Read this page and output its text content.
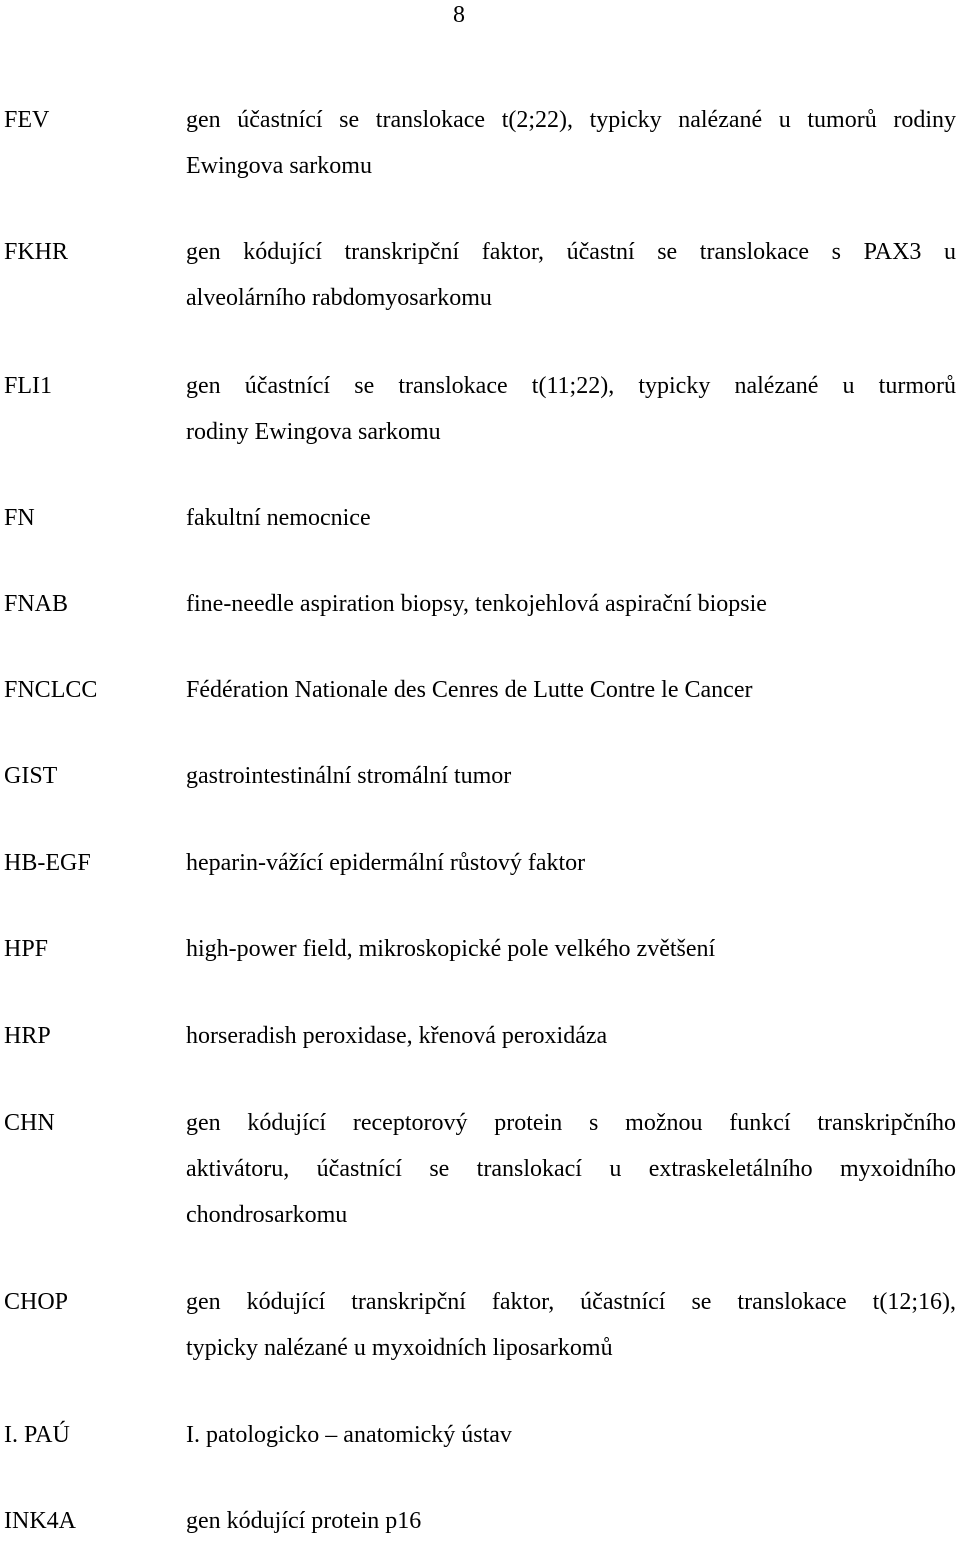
8
FEV	gen účastnící se translokace t(2;22), typicky nalézané u tumorů rodiny
Ewingova sarkomu
FKHR	gen kódující transkripční faktor, účastní se translokace s PAX3 u
alveolárního rabdomyosarkomu
FLI1	gen účastnící se translokace t(11;22), typicky nalézané u turmorů
rodiny Ewingova sarkomu
FN	fakultní nemocnice
FNAB	fine-needle aspiration biopsy, tenkojehlová aspirační biopsie
FNCLCC	Fédération Nationale des Cenres de Lutte Contre le Cancer
GIST	gastrointestinální stromální tumor
HB-EGF	heparin-vážící epidermální růstový faktor
HPF	high-power field, mikroskopické pole velkého zvětšení
HRP	horseradish peroxidase, křenová peroxidáza
CHN	gen kódující receptorový protein s možnou funkcí transkripčního
aktivátoru, účastnící se translokací u extraskeletálního myxoidního
chondrosarkomu
CHOP	gen kódující transkripční faktor, účastnící se translokace t(12;16),
typicky nalézané u myxoidních liposarkomů
I. PAÚ	I. patologicko – anatomický ústav
INK4A	gen kódující protein p16
